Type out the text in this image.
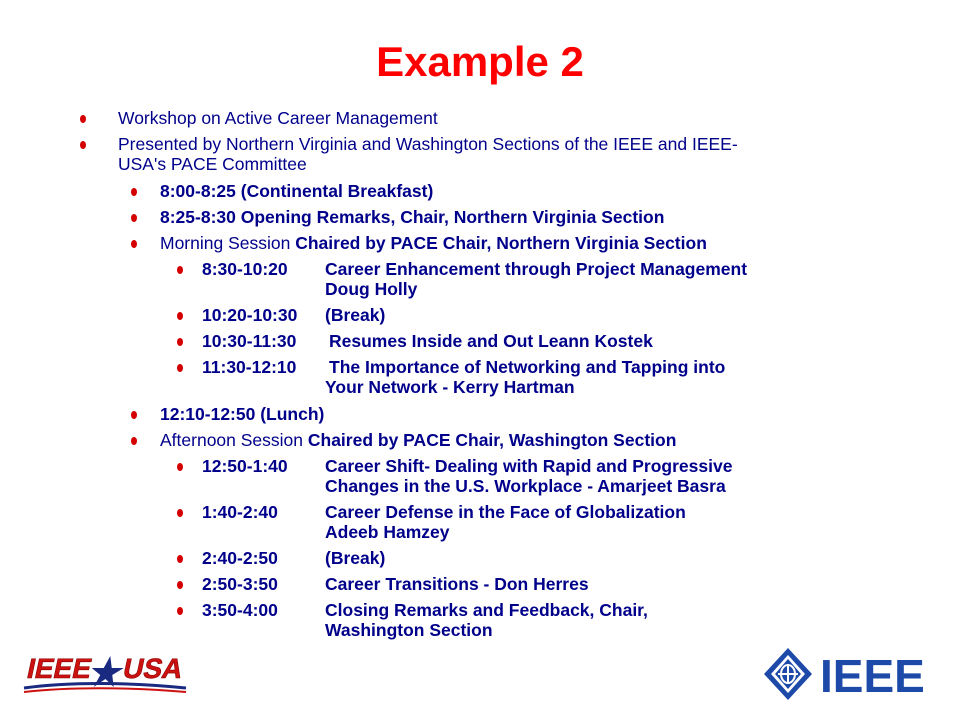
Example 2
Workshop on Active Career Management
Presented by Northern Virginia and Washington Sections of the IEEE and IEEE-
USA's PACE Committee
8:00-8:25 (Continental Breakfast)
8:25-8:30 Opening Remarks, Chair, Northern Virginia Section
Morning Session Chaired by PACE Chair, Northern Virginia Section
8:30-10:20 Career Enhancement through Project Management
Doug Holly
10:20-10:30 (Break)
10:30-11:30 Resumes Inside and Out Leann Kostek
11:30-12:10 The Importance of Networking and Tapping into
Your Network - Kerry Hartman
12:10-12:50 (Lunch)
Afternoon Session Chaired by PACE Chair, Washington Section
12:50-1:40 Career Shift- Dealing with Rapid and Progressive
Changes in the U.S. Workplace - Amarjeet Basra
1:40-2:40	Career Defense in the Face of Globalization
Adeeb Hamzey
2:40-2:50	(Break)
2:50-3:50	Career Transitions - Don Herres
3:50-4:00	Closing Remarks and Feedback, Chair,
Washington Section
IEEE USA	IEEE
